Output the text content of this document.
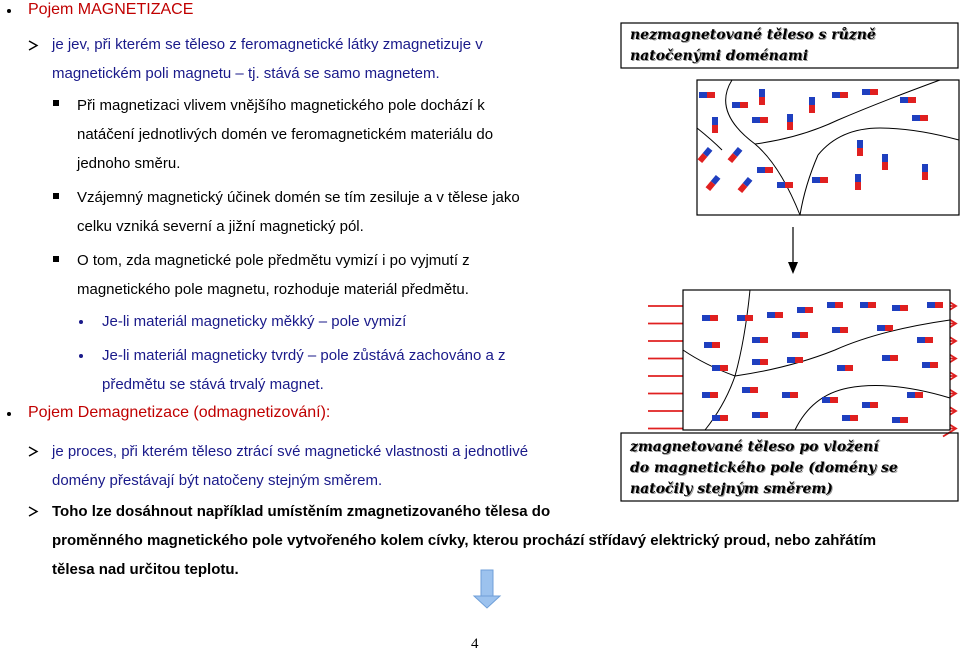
nezmagnetované těleso s různě
natočenými doménami
zmagnetované těleso po vložení
do magnetického pole (domény se
natočily stejným směrem)
Pojem MAGNETIZACE
je jev, při kterém se těleso z feromagnetické látky zmagnetizuje v
magnetickém poli magnetu – tj. stává se samo magnetem.
Při magnetizaci vlivem vnějšího magnetického pole dochází k
natáčení jednotlivých domén ve feromagnetickém materiálu do
jednoho směru.
Vzájemný magnetický účinek domén se tím zesiluje a v tělese jako
celku vzniká severní a jižní magnetický pól.
O tom, zda magnetické pole předmětu vymizí i po vyjmutí z
magnetického pole magnetu, rozhoduje materiál předmětu.
Je-li materiál magneticky měkký – pole vymizí
Je-li materiál magneticky tvrdý – pole zůstává zachováno a z
předmětu se stává trvalý magnet.
Pojem Demagnetizace (odmagnetizování):
je proces, při kterém těleso ztrácí své magnetické vlastnosti a jednotlivé
domény přestávají být natočeny stejným směrem.
Toho lze dosáhnout například umístěním zmagnetizovaného tělesa do
proměnného magnetického pole vytvořeného kolem cívky, kterou prochází střídavý elektrický proud, nebo zahřátím
tělesa nad určitou teplotu.
4
